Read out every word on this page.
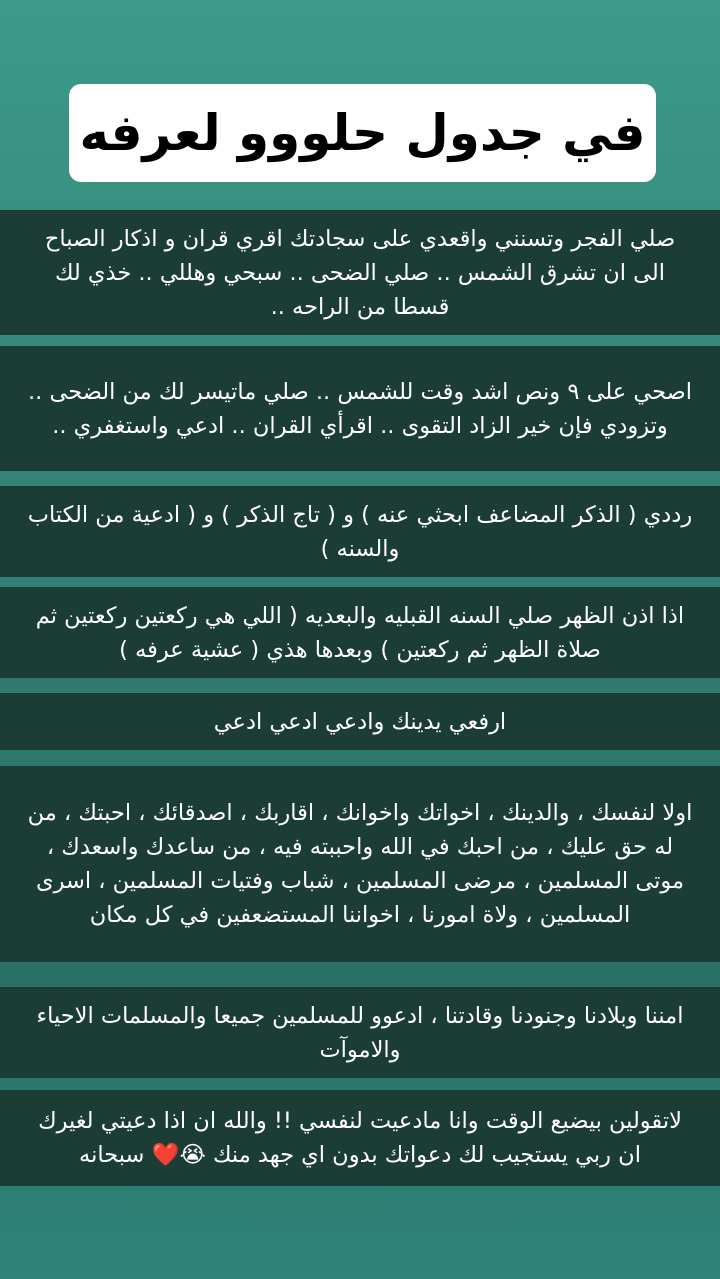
في جدول حلووو لعرفه

صلي الفجر وتسنني واقعدي على سجادتك اقري قران و اذكار الصباح الى ان تشرق الشمس .. صلي الضحى .. سبحي وهللي .. خذي لك قسطا من الراحه ..

اصحي على ٩ ونص اشد وقت للشمس .. صلي ماتيسر لك من الضحى .. وتزودي فإن خير الزاد التقوى .. اقرأي القران .. ادعي واستغفري ..

رددي ( الذكر المضاعف ابحثي عنه ) و ( تاج الذكر ) و ( ادعية من الكتاب والسنه )

اذا اذن الظهر صلي السنه القبليه والبعديه ( اللي هي ركعتين ركعتين ثم صلاة الظهر ثم ركعتين ) وبعدها هذي ( عشية عرفه )

ارفعي يدينك وادعي ادعي ادعي

اولا لنفسك ، والدينك ، اخواتك واخوانك ، اقاربك ، اصدقائك ، احبتك ، من له حق عليك ، من احبك في الله واحببته فيه ، من ساعدك واسعدك ، موتى المسلمين ، مرضى المسلمين ، شباب وفتيات المسلمين ، اسرى المسلمين ، ولاة امورنا ، اخواننا المستضعفين في كل مكان

امننا وبلادنا وجنودنا وقادتنا ، ادعوو للمسلمين جميعا والمسلمات الاحياء والاموآت

لاتقولين بيضيع الوقت وانا مادعيت لنفسي !! والله ان اذا دعيتي لغيرك ان ربي يستجيب لك دعواتك بدون اي جهد منك 😭❤️ سبحانه
